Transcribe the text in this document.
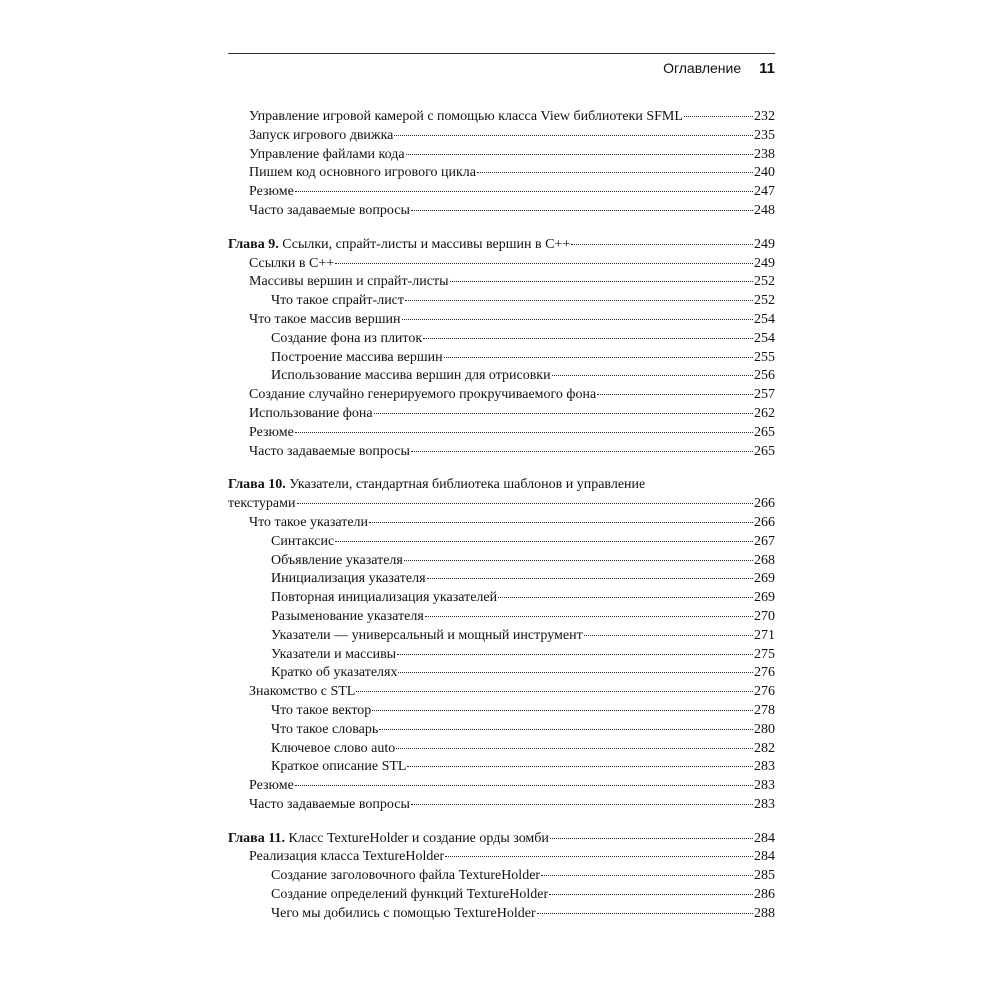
Оглавление 11
Управление игровой камерой с помощью класса View библиотеки SFML	232
Запуск игрового движка	235
Управление файлами кода	238
Пишем код основного игрового цикла	240
Резюме	247
Часто задаваемые вопросы	248
Глава 9. Ссылки, спрайт-листы и массивы вершин в С++	249
Ссылки в С++	249
Массивы вершин и спрайт-листы	252
Что такое спрайт-лист	252
Что такое массив вершин	254
Создание фона из плиток	254
Построение массива вершин	255
Использование массива вершин для отрисовки	256
Создание случайно генерируемого прокручиваемого фона	257
Использование фона	262
Резюме	265
Часто задаваемые вопросы	265
Глава 10. Указатели, стандартная библиотека шаблонов и управление
текстурами	266
Что такое указатели	266
Синтаксис	267
Объявление указателя	268
Инициализация указателя	269
Повторная инициализация указателей	269
Разыменование указателя	270
Указатели — универсальный и мощный инструмент	271
Указатели и массивы	275
Кратко об указателях	276
Знакомство с STL	276
Что такое вектор	278
Что такое словарь	280
Ключевое слово auto	282
Краткое описание STL	283
Резюме	283
Часто задаваемые вопросы	283
Глава 11. Класс TextureHolder и создание орды зомби	284
Реализация класса TextureHolder	284
Создание заголовочного файла TextureHolder	285
Создание определений функций TextureHolder	286
Чего мы добились с помощью TextureHolder	288
